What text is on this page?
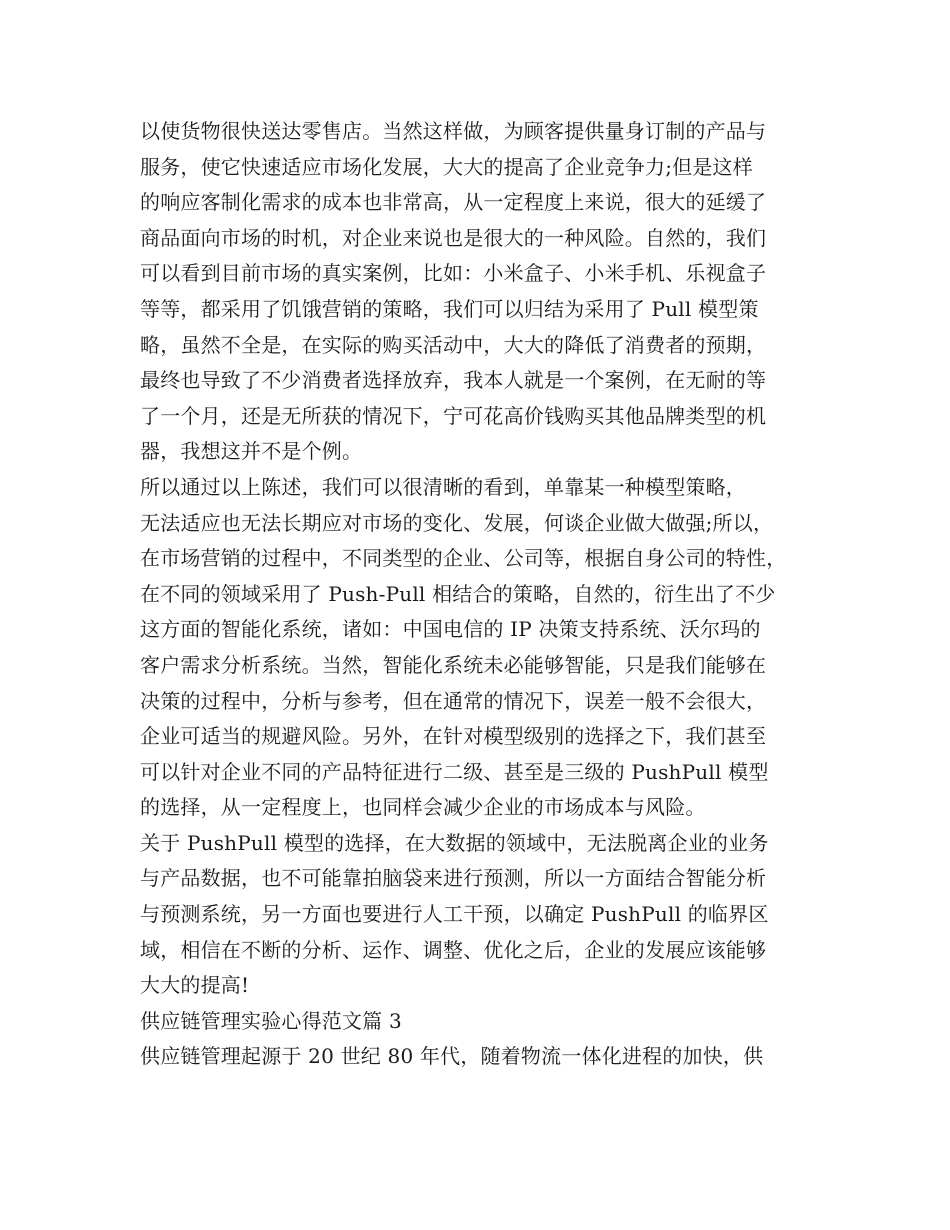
以使货物很快送达零售店。当然这样做，为顾客提供量身订制的产品与
服务，使它快速适应市场化发展，大大的提高了企业竞争力;但是这样
的响应客制化需求的成本也非常高，从一定程度上来说，很大的延缓了
商品面向市场的时机，对企业来说也是很大的一种风险。自然的，我们
可以看到目前市场的真实案例，比如：小米盒子、小米手机、乐视盒子
等等，都采用了饥饿营销的策略，我们可以归结为采用了 Pull 模型策
略，虽然不全是，在实际的购买活动中，大大的降低了消费者的预期，
最终也导致了不少消费者选择放弃，我本人就是一个案例，在无耐的等
了一个月，还是无所获的情况下，宁可花高价钱购买其他品牌类型的机
器，我想这并不是个例。
所以通过以上陈述，我们可以很清晰的看到，单靠某一种模型策略，
无法适应也无法长期应对市场的变化、发展，何谈企业做大做强;所以，
在市场营销的过程中，不同类型的企业、公司等，根据自身公司的特性，
在不同的领域采用了 Push-Pull 相结合的策略，自然的，衍生出了不少
这方面的智能化系统，诸如：中国电信的 IP 决策支持系统、沃尔玛的
客户需求分析系统。当然，智能化系统未必能够智能，只是我们能够在
决策的过程中，分析与参考，但在通常的情况下，误差一般不会很大，
企业可适当的规避风险。另外，在针对模型级别的选择之下，我们甚至
可以针对企业不同的产品特征进行二级、甚至是三级的 PushPull 模型
的选择，从一定程度上，也同样会减少企业的市场成本与风险。
关于 PushPull 模型的选择，在大数据的领域中，无法脱离企业的业务
与产品数据，也不可能靠拍脑袋来进行预测，所以一方面结合智能分析
与预测系统，另一方面也要进行人工干预，以确定 PushPull 的临界区
域，相信在不断的分析、运作、调整、优化之后，企业的发展应该能够
大大的提高!
供应链管理实验心得范文篇 3
供应链管理起源于 20 世纪 80 年代，随着物流一体化进程的加快，供
